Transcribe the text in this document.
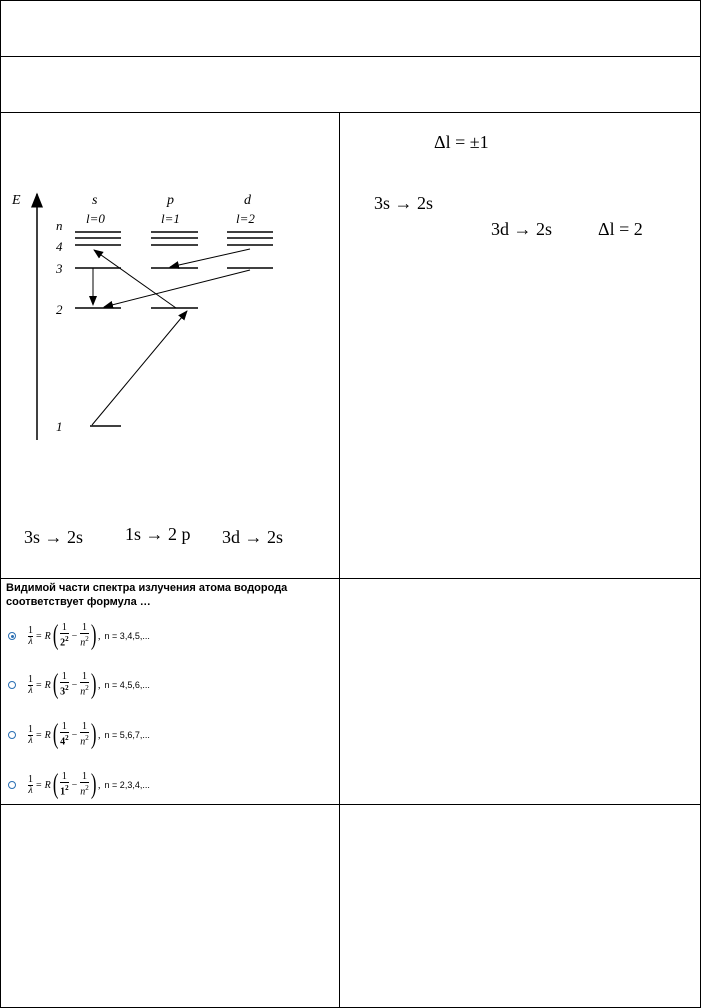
E
n
s
l=0
p
l=1
d
l=2
4
3
2
1
3s → 2s 1s → 2 p 3d → 2s
Δl = ±1
3s → 2s
3d → 2s	Δl = 2
Видимой части спектра излучения атома водорода соответствует формула …
$\frac{1}{\lambda} = R$ ( $\frac{1}{2^2} - \frac{1}{n^2}$ ) , n = 3,4,5,...
$\frac{1}{\lambda} = R$ ( $\frac{1}{3^2} - \frac{1}{n^2}$ ) , n = 4,5,6,...
$\frac{1}{\lambda} = R$ ( $\frac{1}{4^2} - \frac{1}{n^2}$ ) , n = 5,6,7,...
$\frac{1}{\lambda} = R$ ( $\frac{1}{1^2} - \frac{1}{n^2}$ ) , n = 2,3,4,...
